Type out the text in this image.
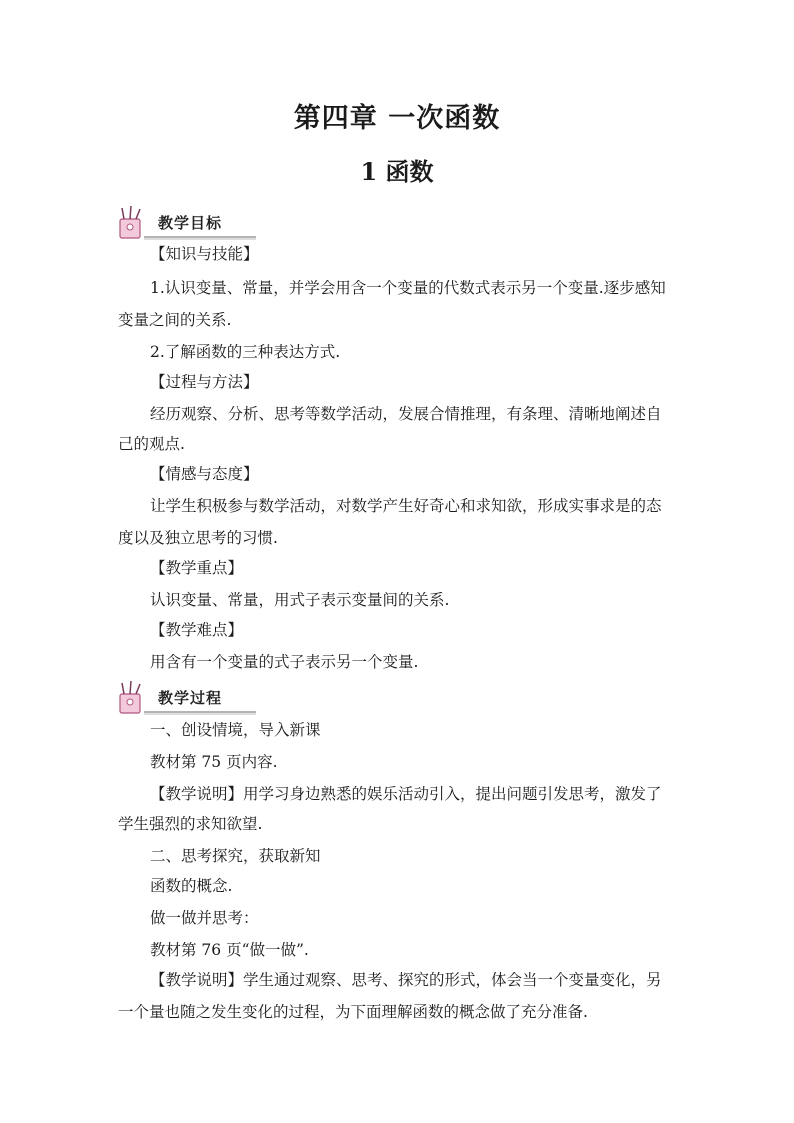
第四章 一次函数
1 函数
教学目标
【知识与技能】
1.认识变量、常量，并学会用含一个变量的代数式表示另一个变量.逐步感知
变量之间的关系.
2.了解函数的三种表达方式.
【过程与方法】
经历观察、分析、思考等数学活动，发展合情推理，有条理、清晰地阐述自
己的观点.
【情感与态度】
让学生积极参与数学活动，对数学产生好奇心和求知欲，形成实事求是的态
度以及独立思考的习惯.
【教学重点】
认识变量、常量，用式子表示变量间的关系.
【教学难点】
用含有一个变量的式子表示另一个变量.
教学过程
一、创设情境，导入新课
教材第 75 页内容.
【教学说明】用学习身边熟悉的娱乐活动引入，提出问题引发思考，激发了
学生强烈的求知欲望.
二、思考探究，获取新知
函数的概念.
做一做并思考：
教材第 76 页“做一做”.
【教学说明】学生通过观察、思考、探究的形式，体会当一个变量变化，另
一个量也随之发生变化的过程，为下面理解函数的概念做了充分准备.
